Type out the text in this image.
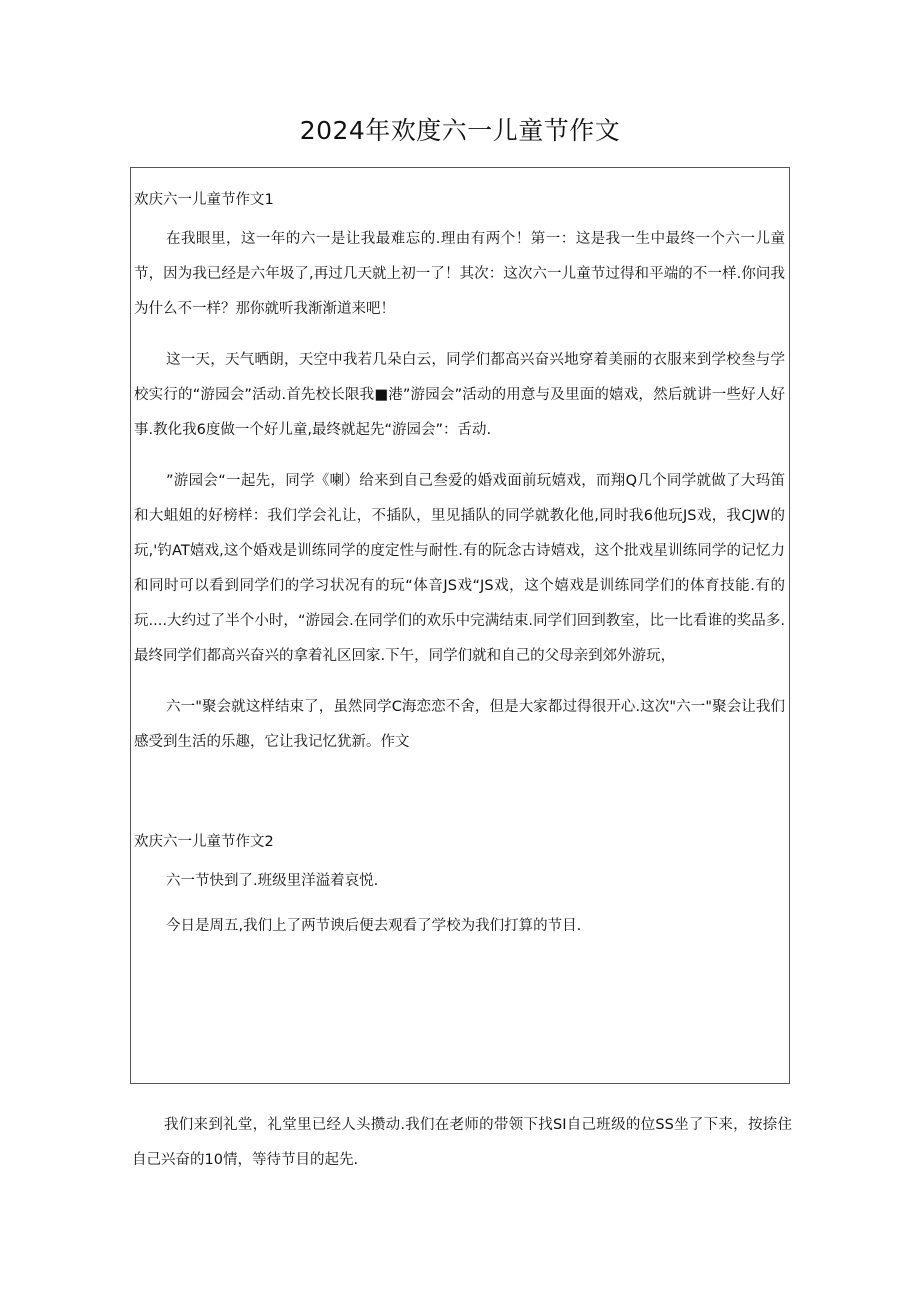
2024年欢度六一儿童节作文

欢庆六一儿童节作文1

在我眼里，这一年的六一是让我最难忘的.理由有两个！第一：这是我一生中最终一个六一儿童节，因为我已经是六年圾了,再过几天就上初一了！其次：这次六一儿童节过得和平端的不一样.你问我为什么不一样？那你就听我渐渐道来吧！

这一天，天气晒朗，天空中我若几朵白云，同学们都高兴奋兴地穿着美丽的衣服来到学校叁与学校实行的“游园会”活动.首先校长限我■港”游园会”活动的用意与及里面的嬉戏，然后就讲一些好人好事.教化我6度做一个好儿童,最终就起先“游园会”：舌动.

”游园会“一起先，同学《喇）给来到自己叁爱的婚戏面前玩嬉戏，而翔Q几个同学就做了大玛笛和大蛆姐的好榜样：我们学会礼让，不插队，里见插队的同学就教化他,同时我6他玩JS戏，我CJW的玩,'钓AT嬉戏,这个婚戏是训练同学的度定性与耐性.有的阮念古诗嬉戏，这个批戏星训练同学的记忆力和同时可以看到同学们的学习状况有的玩“体音JS戏“JS戏，这个嬉戏是训练同学们的体育技能.有的玩....大约过了半个小时，“游园会.在同学们的欢乐中完满结束.同学们回到教室，比一比看谁的奖品多.最终同学们都高兴奋兴的拿着礼区回家.下午，同学们就和自己的父母亲到郊外游玩，

六一"聚会就这样结束了，虽然同学C海恋恋不舍，但是大家都过得很开心.这次"六一"聚会让我们感受到生活的乐趣，它让我记忆犹新。作文

欢庆六一儿童节作文2

六一节快到了.班级里洋溢着哀悦.

今日是周五,我们上了两节谀后便去观看了学校为我们打算的节目.

我们来到礼堂，礼堂里已经人头攒动.我们在老师的带领下找SI自己班级的位SS坐了下来，按捺住自己兴奋的10情，等待节目的起先.
